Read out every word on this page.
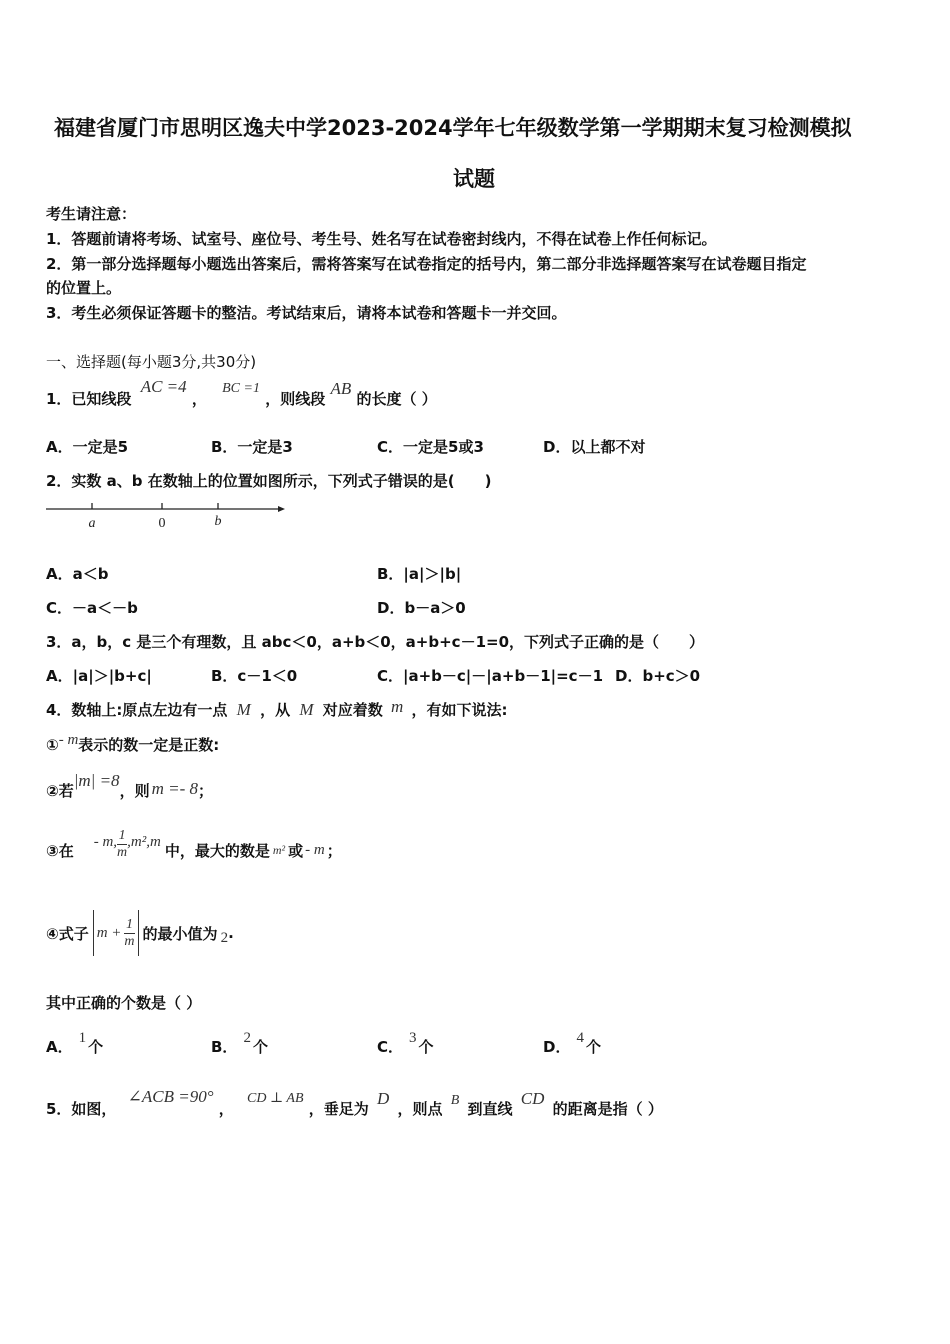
福建省厦门市思明区逸夫中学2023-2024学年七年级数学第一学期期末复习检测模拟
试题
考生请注意：
1．答题前请将考场、试室号、座位号、考生号、姓名写在试卷密封线内，不得在试卷上作任何标记。
2．第一部分选择题每小题选出答案后，需将答案写在试卷指定的括号内，第二部分非选择题答案写在试卷题目指定
的位置上。
3．考生必须保证答题卡的整洁。考试结束后，请将本试卷和答题卡一并交回。
一、选择题(每小题3分,共30分)
1．已知线段 AC =4 ， BC =1 ，则线段 AB 的长度（ ）
A．一定是5	B．一定是3	C．一定是5或3	D．以上都不对
2．实数 a、b 在数轴上的位置如图所示，下列式子错误的是(　　)
a	0	b
A．a＜b	B．|a|＞|b|
C．－a＜－b	D．b－a＞0
3．a，b，c 是三个有理数，且 abc＜0，a+b＜0，a+b+c－1=0，下列式子正确的是（　　）
A．|a|＞|b+c|	B．c－1＜0	C．|a+b－c|－|a+b－1|=c－1 D．b+c＞0
4．数轴上:原点左边有一点 M ，从 M 对应着数 m ，有如下说法:
①- m表示的数一定是正数:
②若|m| =8，则 m =- 8；
③在 - m, $\frac{1}{m} ,m^2,m$ 中，最大的数是 m² 或 - m ；
④式子 $m + \frac{1}{m}$ 的最小值为 2 .
其中正确的个数是（ ）
A． 1 个	B． 2 个	C． 3 个	D． 4 个
5．如图， ∠ACB =90° ， CD ⊥ AB ，垂足为 D ，则点 B 到直线 CD 的距离是指（ ）
